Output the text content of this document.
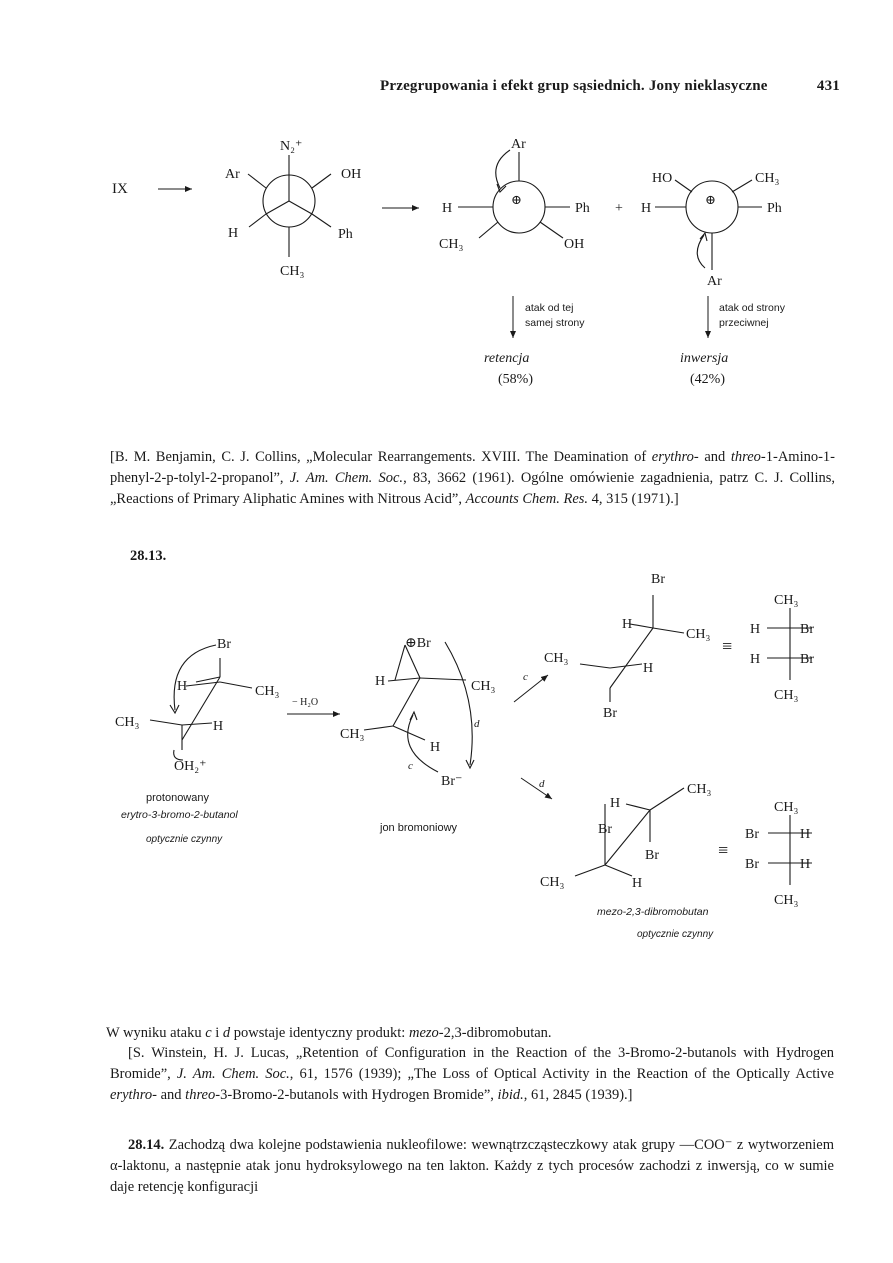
Przegrupowania i efekt grup sąsiednich. Jony nieklasyczne	431
IX
N₂⁺
Ar	OH
H	Ph
CH₃
Ar
H
⊕
Ph
CH₃	OH
+
HO	CH₃
H
⊕
Ph
Ar
atak od tej
samej strony
atak od strony
przeciwnej
retencja
(58%)
inwersja
(42%)
[B. M. Benjamin, C. J. Collins, „Molecular Rearrangements. XVIII. The Deamination of erythro- and threo-1-Amino-1-phenyl-2-p-tolyl-2-propanol”, J. Am. Chem. Soc., 83, 3662 (1961). Ogólne omówienie zagadnienia, patrz C. J. Collins, „Reactions of Primary Aliphatic Amines with Nitrous Acid”, Accounts Chem. Res. 4, 315 (1971).]
28.13.
Br
H	CH₃
CH₃	H
OH₂⁺
protonowany
erytro-3-bromo-2-butanol
optycznie czynny
− H₂O
⊕Br
H	CH₃
CH₃
H
c
d
Br⁻
jon bromoniowy
c
d
Br
H
CH₃
CH₃
H
Br
≡
CH₃
H	Br
H	Br
CH₃
H
CH₃
Br
Br
CH₃	H
≡
CH₃
Br	H
Br	H
CH₃
mezo-2,3-dibromobutan
optycznie czynny
W wyniku ataku c i d powstaje identyczny produkt: mezo-2,3-dibromobutan.
[S. Winstein, H. J. Lucas, „Retention of Configuration in the Reaction of the 3-Bromo-2-butanols with Hydrogen Bromide”, J. Am. Chem. Soc., 61, 1576 (1939); „The Loss of Optical Activity in the Reaction of the Optically Active erythro- and threo-3-Bromo-2-butanols with Hydrogen Bromide”, ibid., 61, 2845 (1939).]
28.14. Zachodzą dwa kolejne podstawienia nukleofilowe: wewnątrzcząsteczkowy atak grupy —COO⁻ z wytworzeniem α-laktonu, a następnie atak jonu hydroksylowego na ten lakton. Każdy z tych procesów zachodzi z inwersją, co w sumie daje retencję konfiguracji
